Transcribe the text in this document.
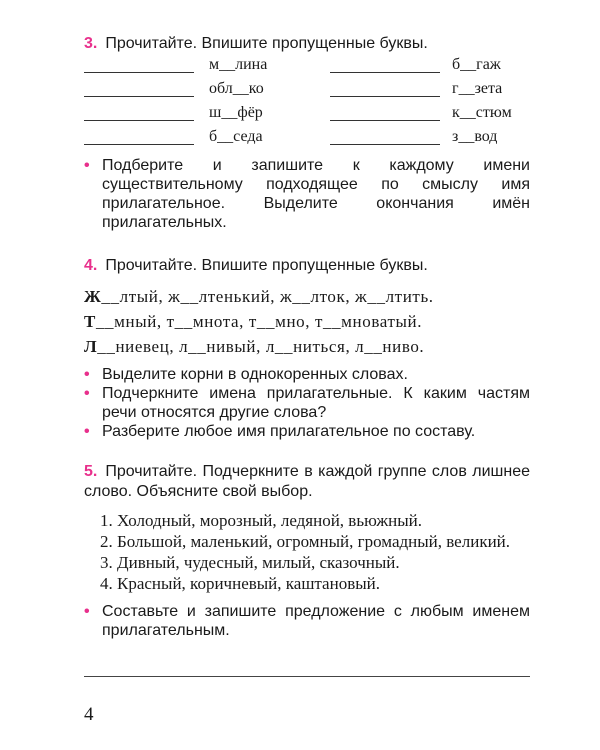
3. Прочитайте. Впишите пропущенные буквы.
м__лина	б__гаж
обл__ко	г__зета
ш__фёр	к__стюм
б__седа	з__вод
• Подберите и запишите к каждому имени существительному подходящее по смыслу имя прилагательное. Выделите окончания имён прилагательных.
4. Прочитайте. Впишите пропущенные буквы.
Ж__лтый, ж__лтенький, ж__лток, ж__лтить.
Т__мный, т__мнота, т__мно, т__мноватый.
Л__ниевец, л__нивый, л__ниться, л__ниво.
• Выделите корни в однокоренных словах.
• Подчеркните имена прилагательные. К каким частям речи относятся другие слова?
• Разберите любое имя прилагательное по составу.
5. Прочитайте. Подчеркните в каждой группе слов лишнее слово. Объясните свой выбор.
1. Холодный, морозный, ледяной, вьюжный.
2. Большой, маленький, огромный, громадный, великий.
3. Дивный, чудесный, милый, сказочный.
4. Красный, коричневый, каштановый.
• Составьте и запишите предложение с любым именем прилагательным.
4
